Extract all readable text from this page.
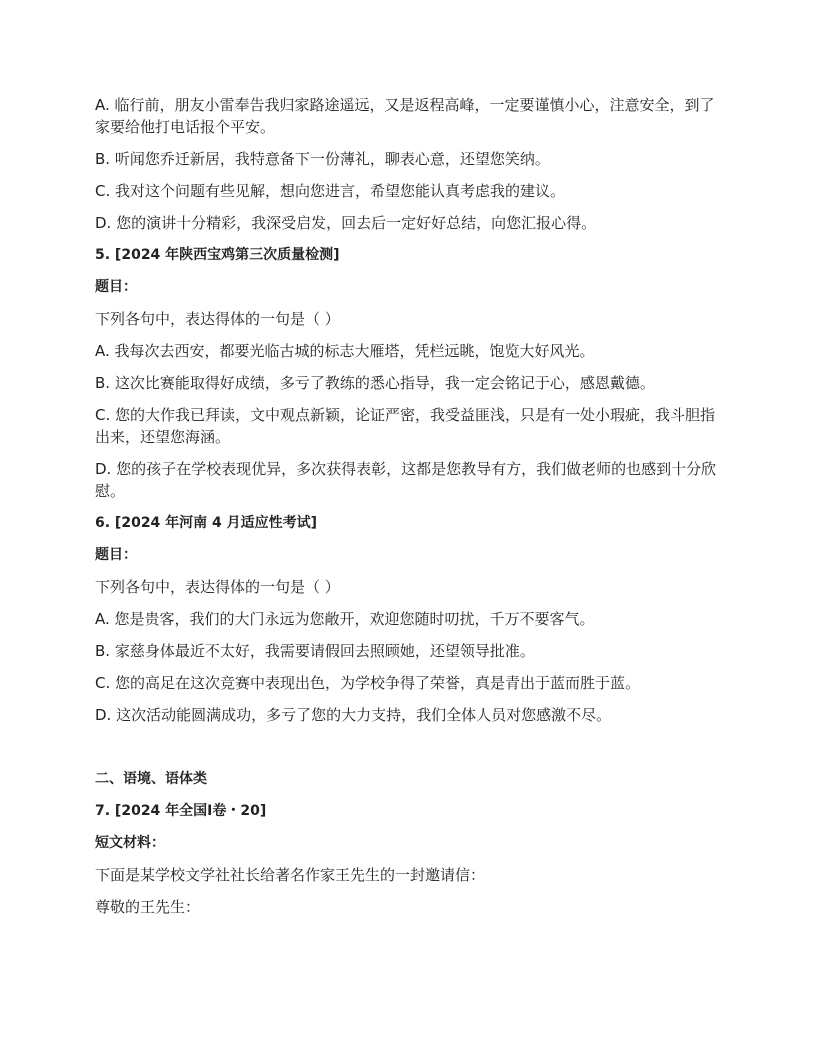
A. 临行前，朋友小雷奉告我归家路途遥远，又是返程高峰，一定要谨慎小心，注意安全，到了家要给他打电话报个平安。

B. 听闻您乔迁新居，我特意备下一份薄礼，聊表心意，还望您笑纳。

C. 我对这个问题有些见解，想向您进言，希望您能认真考虑我的建议。

D. 您的演讲十分精彩，我深受启发，回去后一定好好总结，向您汇报心得。

5. [2024 年陕西宝鸡第三次质量检测]

题目：

下列各句中，表达得体的一句是（ ）

A. 我每次去西安，都要光临古城的标志大雁塔，凭栏远眺，饱览大好风光。

B. 这次比赛能取得好成绩，多亏了教练的悉心指导，我一定会铭记于心，感恩戴德。

C. 您的大作我已拜读，文中观点新颖，论证严密，我受益匪浅，只是有一处小瑕疵，我斗胆指出来，还望您海涵。

D. 您的孩子在学校表现优异，多次获得表彰，这都是您教导有方，我们做老师的也感到十分欣慰。

6. [2024 年河南 4 月适应性考试]

题目：

下列各句中，表达得体的一句是（ ）

A. 您是贵客，我们的大门永远为您敞开，欢迎您随时叨扰，千万不要客气。

B. 家慈身体最近不太好，我需要请假回去照顾她，还望领导批准。

C. 您的高足在这次竞赛中表现出色，为学校争得了荣誉，真是青出于蓝而胜于蓝。

D. 这次活动能圆满成功，多亏了您的大力支持，我们全体人员对您感激不尽。

二、语境、语体类

7. [2024 年全国Ⅰ卷・20]

短文材料：

下面是某学校文学社社长给著名作家王先生的一封邀请信：

尊敬的王先生：
